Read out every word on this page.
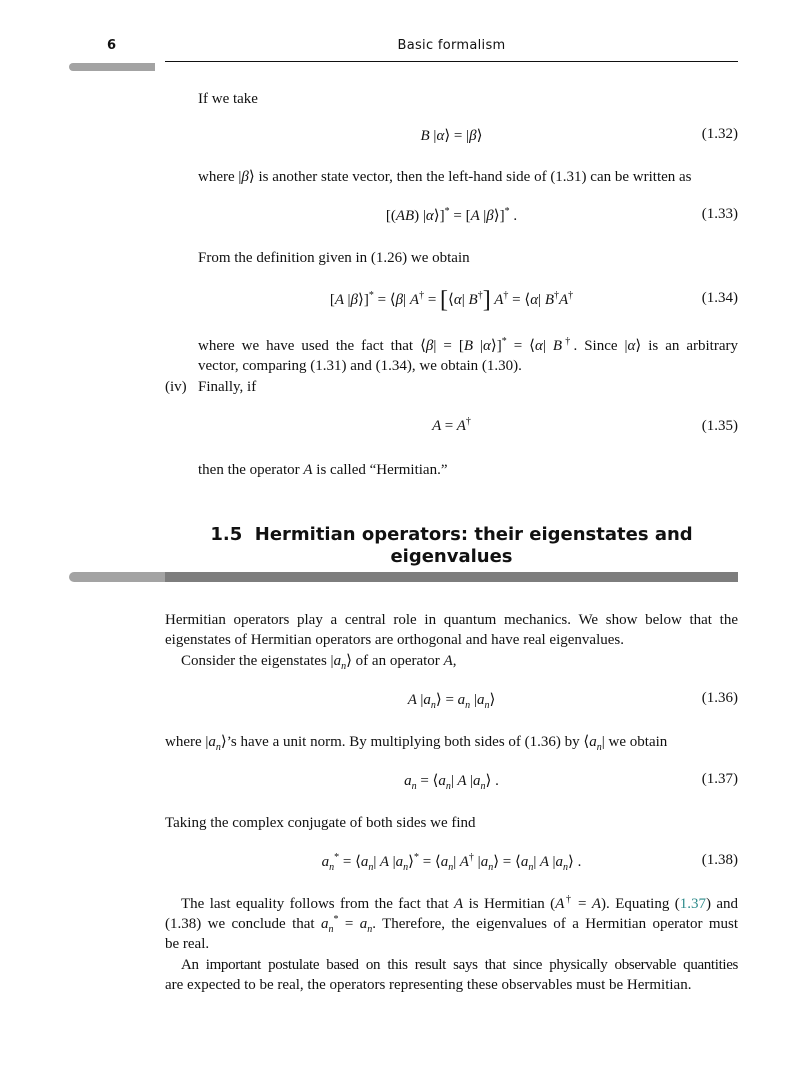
6	Basic formalism
If we take
B |α⟩ = |β⟩	(1.32)
where |β⟩ is another state vector, then the left-hand side of (1.31) can be written as
[(AB) |α⟩]* = [A |β⟩]* .	(1.33)
From the definition given in (1.26) we obtain
[A |β⟩]* = ⟨β| A† = [⟨α| B†] A† = ⟨α| B†A†	(1.34)
where we have used the fact that ⟨β| = [B |α⟩]* = ⟨α| B†. Since |α⟩ is an arbitrary
vector, comparing (1.31) and (1.34), we obtain (1.30).
(iv) Finally, if
A = A†	(1.35)
then the operator A is called “Hermitian.”
1.5  Hermitian operators: their eigenstates and
eigenvalues
Hermitian operators play a central role in quantum mechanics. We show below that the
eigenstates of Hermitian operators are orthogonal and have real eigenvalues.
Consider the eigenstates $|a_n⟩$ of an operator A,
A $|a_n⟩ = a_n$ $|a_n⟩$	(1.36)
where $|a_n⟩’s$ have a unit norm. By multiplying both sides of (1.36) by $⟨a_n|$ we obtain
$a_n$ = $⟨a_n|$ A $|a_n⟩$ .	(1.37)
Taking the complex conjugate of both sides we find
$a_n^*$ = $⟨a_n|$ A $|a_n⟩^*$ = $⟨a_n|$ A† $|a_n⟩$ = $⟨a_n|$ A $|a_n⟩$ .	(1.38)
The last equality follows from the fact that A is Hermitian (A† = A). Equating (1.37) and
(1.38) we conclude that $a_n^* = a_n$. Therefore, the eigenvalues of a Hermitian operator must
be real.
An important postulate based on this result says that since physically observable quantities
are expected to be real, the operators representing these observables must be Hermitian.
